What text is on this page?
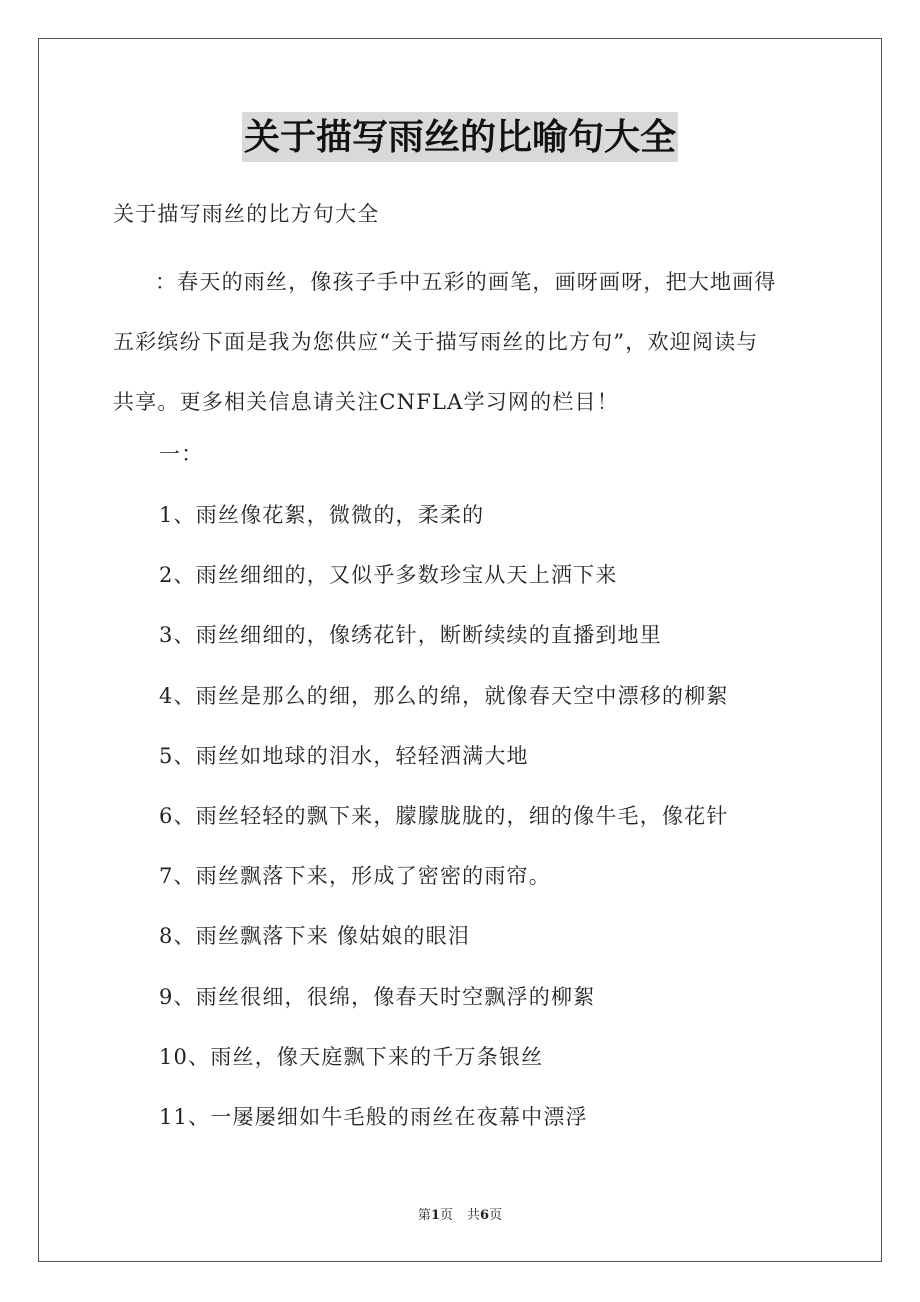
关于描写雨丝的比喻句大全
关于描写雨丝的比方句大全
：春天的雨丝，像孩子手中五彩的画笔，画呀画呀，把大地画得
五彩缤纷下面是我为您供应“关于描写雨丝的比方句”，欢迎阅读与
共享。更多相关信息请关注CNFLA学习网的栏目！
一：
1、雨丝像花絮，微微的，柔柔的
2、雨丝细细的，又似乎多数珍宝从天上洒下来
3、雨丝细细的，像绣花针，断断续续的直播到地里
4、雨丝是那么的细，那么的绵，就像春天空中漂移的柳絮
5、雨丝如地球的泪水，轻轻洒满大地
6、雨丝轻轻的飘下来，朦朦胧胧的，细的像牛毛，像花针
7、雨丝飘落下来，形成了密密的雨帘。
8、雨丝飘落下来 像姑娘的眼泪
9、雨丝很细，很绵，像春天时空飘浮的柳絮
10、雨丝，像天庭飘下来的千万条银丝
11、一屡屡细如牛毛般的雨丝在夜幕中漂浮
第1页 共6页
